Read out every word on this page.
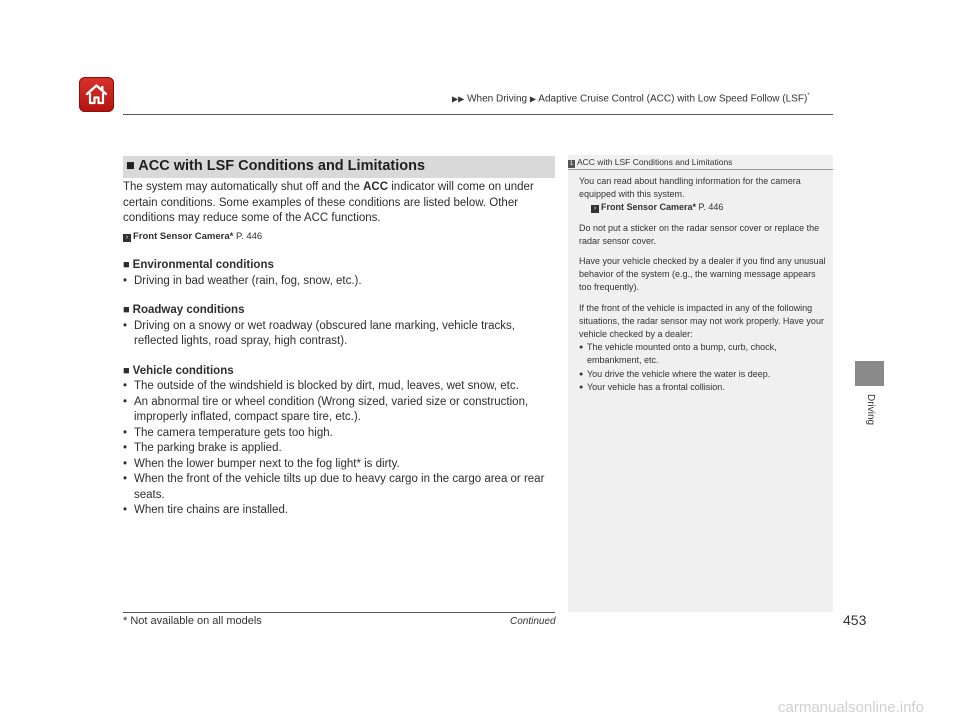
▶▶ When Driving ▶ Adaptive Cruise Control (ACC) with Low Speed Follow (LSF)*
Driving
■ ACC with LSF Conditions and Limitations

The system may automatically shut off and the ACC indicator will come on under certain conditions. Some examples of these conditions are listed below. Other conditions may reduce some of the ACC functions.

› Front Sensor Camera* P. 446
■ Environmental conditions
• Driving in bad weather (rain, fog, snow, etc.).
■ Roadway conditions
• Driving on a snowy or wet roadway (obscured lane marking, vehicle tracks, reflected lights, road spray, high contrast).
■ Vehicle conditions
• The outside of the windshield is blocked by dirt, mud, leaves, wet snow, etc.
• An abnormal tire or wheel condition (Wrong sized, varied size or construction, improperly inflated, compact spare tire, etc.).
• The camera temperature gets too high.
• The parking brake is applied.
• When the lower bumper next to the fog light* is dirty.
• When the front of the vehicle tilts up due to heavy cargo in the cargo area or rear seats.
• When tire chains are installed.
1 ACC with LSF Conditions and Limitations

You can read about handling information for the camera equipped with this system.

› Front Sensor Camera* P. 446

Do not put a sticker on the radar sensor cover or replace the radar sensor cover.

Have your vehicle checked by a dealer if you find any unusual behavior of the system (e.g., the warning message appears too frequently).

If the front of the vehicle is impacted in any of the following situations, the radar sensor may not work properly. Have your vehicle checked by a dealer:

● The vehicle mounted onto a bump, curb, chock, embankment, etc.
● You drive the vehicle where the water is deep.
● Your vehicle has a frontal collision.
* Not available on all models	Continued	453
carmanualsonline.info
